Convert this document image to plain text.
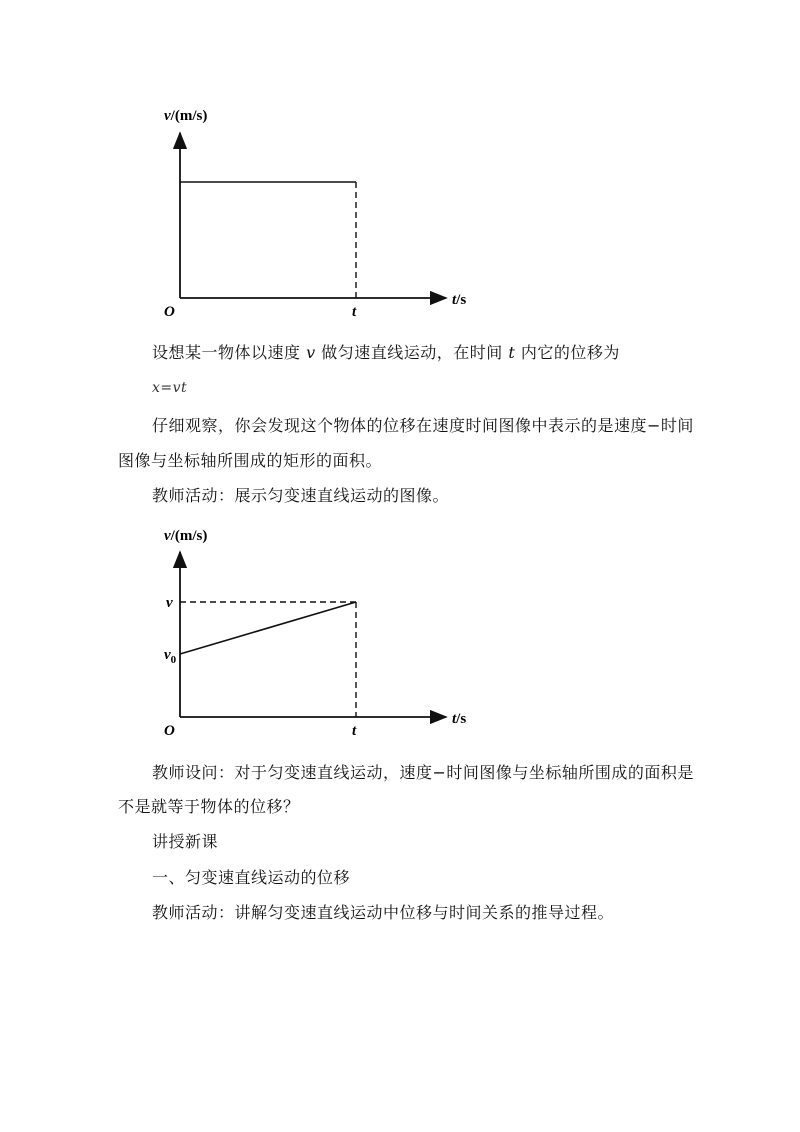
v/(m/s)
t/s
O	t
设想某一物体以速度 v 做匀速直线运动，在时间 t 内它的位移为
x=vt
仔细观察，你会发现这个物体的位移在速度时间图像中表示的是速度−时间
图像与坐标轴所围成的矩形的面积。
教师活动：展示匀变速直线运动的图像。
v/(m/s)
t/s
v
$v_0$
O	t
教师设问：对于匀变速直线运动，速度−时间图像与坐标轴所围成的面积是
不是就等于物体的位移？
讲授新课
一、匀变速直线运动的位移
教师活动：讲解匀变速直线运动中位移与时间关系的推导过程。
